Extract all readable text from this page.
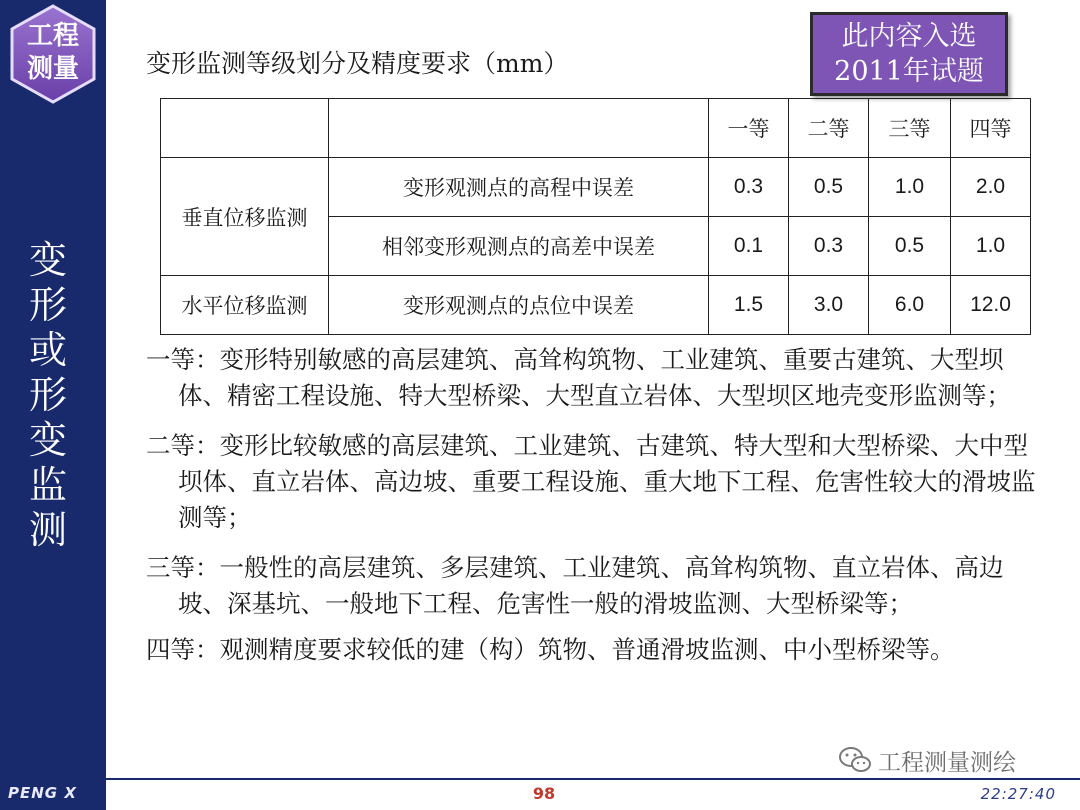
工程
测量
变形或形变监测
变形监测等级划分及精度要求（mm）
此内容入选
2011年试题
		一等	二等	三等	四等
垂直位移监测	变形观测点的高程中误差	0.3	0.5	1.0	2.0
	相邻变形观测点的高差中误差	0.1	0.3	0.5	1.0
水平位移监测	变形观测点的点位中误差	1.5	3.0	6.0	12.0

一等：变形特别敏感的高层建筑、高耸构筑物、工业建筑、重要古建筑、大型坝体、精密工程设施、特大型桥梁、大型直立岩体、大型坝区地壳变形监测等；

二等：变形比较敏感的高层建筑、工业建筑、古建筑、特大型和大型桥梁、大中型坝体、直立岩体、高边坡、重要工程设施、重大地下工程、危害性较大的滑坡监测等；

三等：一般性的高层建筑、多层建筑、工业建筑、高耸构筑物、直立岩体、高边坡、深基坑、一般地下工程、危害性一般的滑坡监测、大型桥梁等；

四等：观测精度要求较低的建（构）筑物、普通滑坡监测、中小型桥梁等。

工程测量测绘
PENG X	98	22:27:40
